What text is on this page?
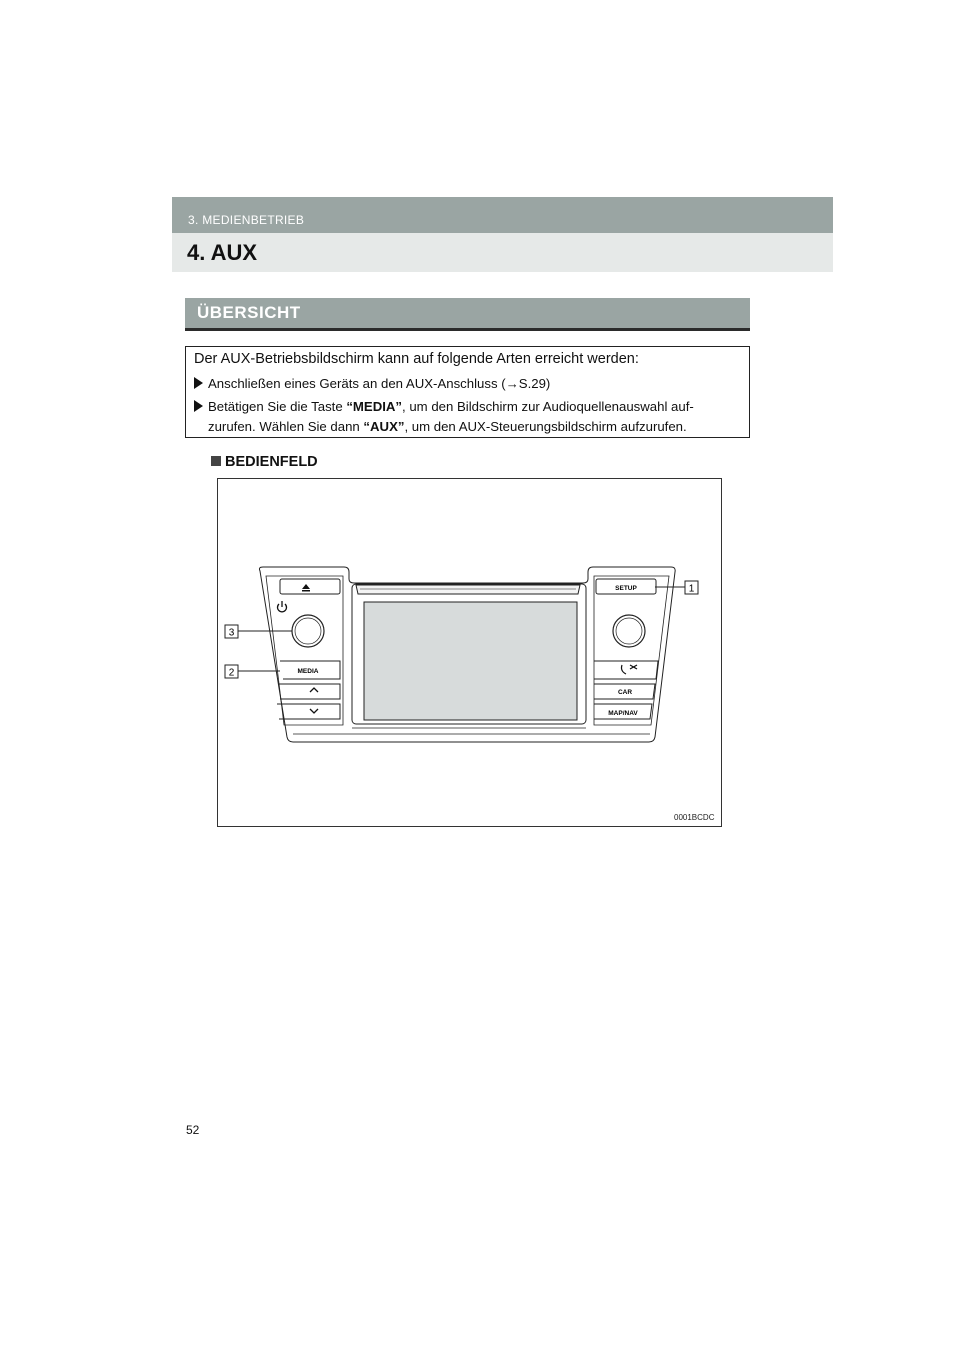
3. MEDIENBETRIEB
4. AUX
ÜBERSICHT
Der AUX-Betriebsbildschirm kann auf folgende Arten erreicht werden:
Anschließen eines Geräts an den AUX-Anschluss (→S.29)
Betätigen Sie die Taste “MEDIA”, um den Bildschirm zur Audioquellenauswahl auf-
zurufen. Wählen Sie dann “AUX”, um den AUX-Steuerungsbildschirm aufzurufen.
BEDIENFELD
SETUP
MEDIA
CAR
MAP/NAV
1
2
3
0001BCDC
52
